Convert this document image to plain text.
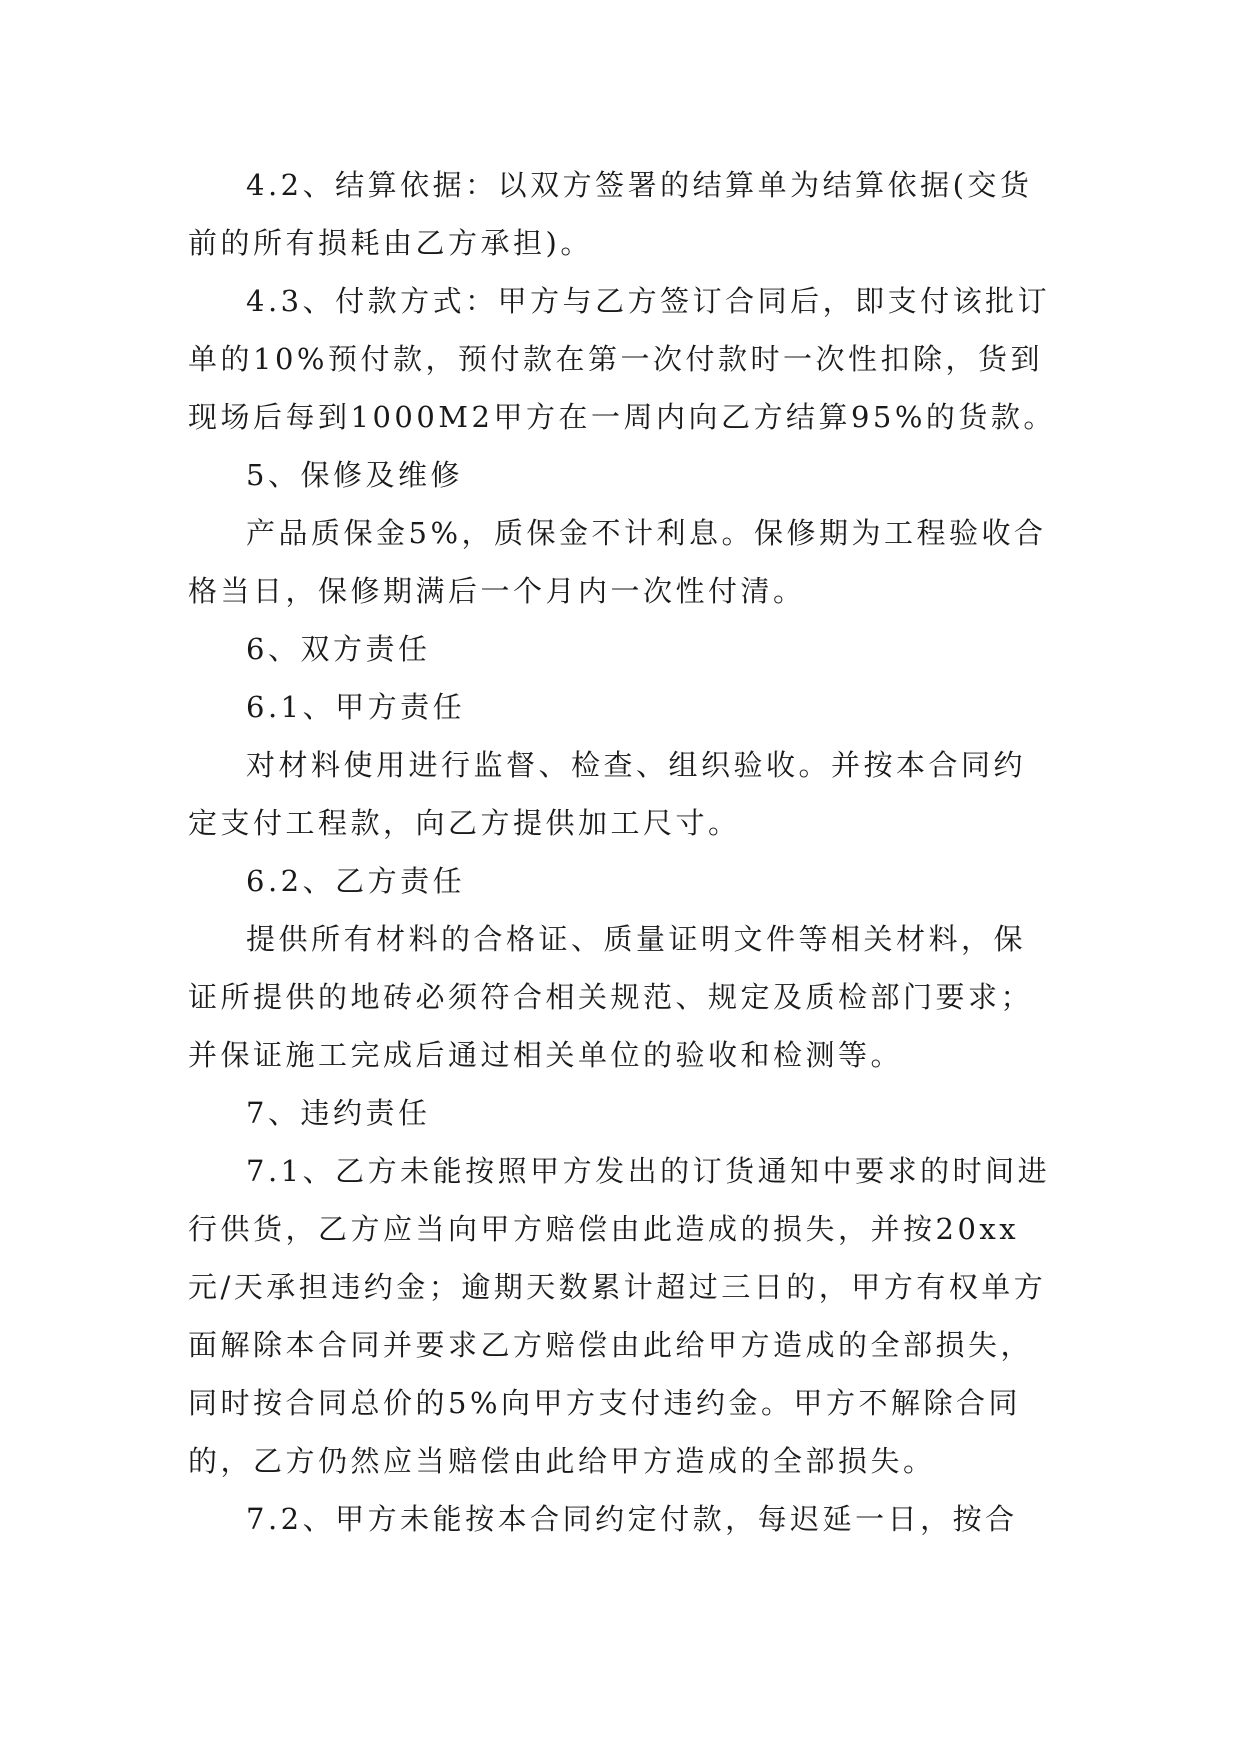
4.2、结算依据：以双方签署的结算单为结算依据(交货前的所有损耗由乙方承担)。

4.3、付款方式：甲方与乙方签订合同后，即支付该批订单的10%预付款，预付款在第一次付款时一次性扣除，货到现场后每到1000M2甲方在一周内向乙方结算95%的货款。

5、保修及维修

产品质保金5%，质保金不计利息。保修期为工程验收合格当日，保修期满后一个月内一次性付清。

6、双方责任

6.1、甲方责任

对材料使用进行监督、检查、组织验收。并按本合同约定支付工程款，向乙方提供加工尺寸。

6.2、乙方责任

提供所有材料的合格证、质量证明文件等相关材料，保证所提供的地砖必须符合相关规范、规定及质检部门要求；并保证施工完成后通过相关单位的验收和检测等。

7、违约责任

7.1、乙方未能按照甲方发出的订货通知中要求的时间进行供货，乙方应当向甲方赔偿由此造成的损失，并按20xx元/天承担违约金；逾期天数累计超过三日的，甲方有权单方面解除本合同并要求乙方赔偿由此给甲方造成的全部损失，同时按合同总价的5%向甲方支付违约金。甲方不解除合同的，乙方仍然应当赔偿由此给甲方造成的全部损失。

7.2、甲方未能按本合同约定付款，每迟延一日，按合
